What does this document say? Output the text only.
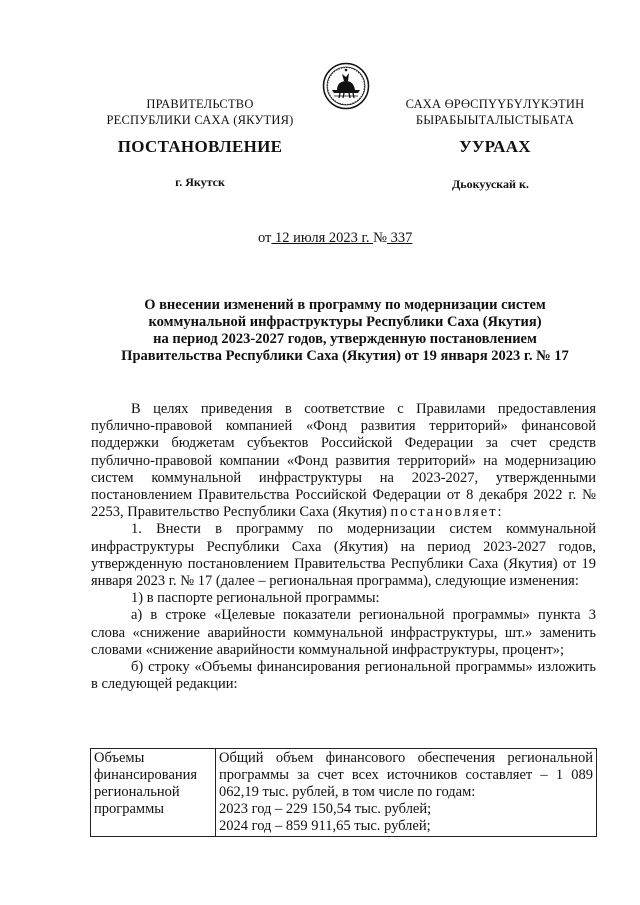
ПРАВИТЕЛЬСТВО
РЕСПУБЛИКИ САХА (ЯКУТИЯ)
САХА ӨРӨСПҮҮБҮЛҮКЭТИН
БЫРАБЫЫТАЛЫСТЫБАТА
ПОСТАНОВЛЕНИЕ	УУРААХ
г. Якутск	Дьокуускай к.
от 12 июля 2023 г. № 337
О внесении изменений в программу по модернизации систем
коммунальной инфраструктуры Республики Саха (Якутия)
на период 2023-2027 годов, утвержденную постановлением
Правительства Республики Саха (Якутия) от 19 января 2023 г. № 17

В целях приведения в соответствие с Правилами предоставления публично-правовой компанией «Фонд развития территорий» финансовой поддержки бюджетам субъектов Российской Федерации за счет средств публично-правовой компании «Фонд развития территорий» на модернизацию систем коммунальной инфраструктуры на 2023-2027, утвержденными постановлением Правительства Российской Федерации от 8 декабря 2022 г. № 2253, Правительство Республики Саха (Якутия) постановляет:

1. Внести в программу по модернизации систем коммунальной инфраструктуры Республики Саха (Якутия) на период 2023-2027 годов, утвержденную постановлением Правительства Республики Саха (Якутия) от 19 января 2023 г. № 17 (далее – региональная программа), следующие изменения:

1) в паспорте региональной программы:

а) в строке «Целевые показатели региональной программы» пункта 3 слова «снижение аварийности коммунальной инфраструктуры, шт.» заменить словами «снижение аварийности коммунальной инфраструктуры, процент»;

б) строку «Объемы финансирования региональной программы» изложить в следующей редакции:

Объемы финансирования региональной программы	Общий объем финансового обеспечения региональной программы за счет всех источников составляет – 1 089 062,19 тыс. рублей, в том числе по годам:
2023 год – 229 150,54 тыс. рублей;
2024 год – 859 911,65 тыс. рублей;
